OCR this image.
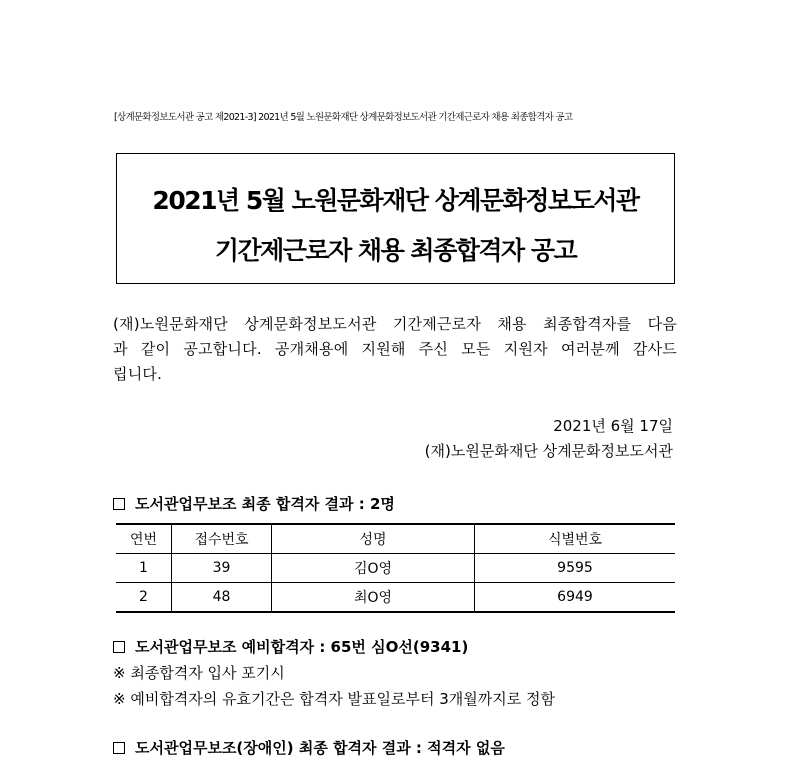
[상계문화정보도서관 공고 제2021-3] 2021년 5월 노원문화재단 상계문화정보도서관 기간제근로자 채용 최종합격자 공고
2021년 5월 노원문화재단 상계문화정보도서관
기간제근로자 채용 최종합격자 공고
(재)노원문화재단 상계문화정보도서관 기간제근로자 채용 최종합격자를 다음
과 같이 공고합니다. 공개채용에 지원해 주신 모든 지원자 여러분께 감사드
립니다.
2021년 6월 17일
(재)노원문화재단 상계문화정보도서관
도서관업무보조 최종 합격자 결과 : 2명
연번	접수번호	성명	식별번호
1	39	김O영	9595
2	48	최O영	6949
도서관업무보조 예비합격자 : 65번 심O선(9341)
※ 최종합격자 입사 포기시
※ 예비합격자의 유효기간은 합격자 발표일로부터 3개월까지로 정함
도서관업무보조(장애인) 최종 합격자 결과 : 적격자 없음
